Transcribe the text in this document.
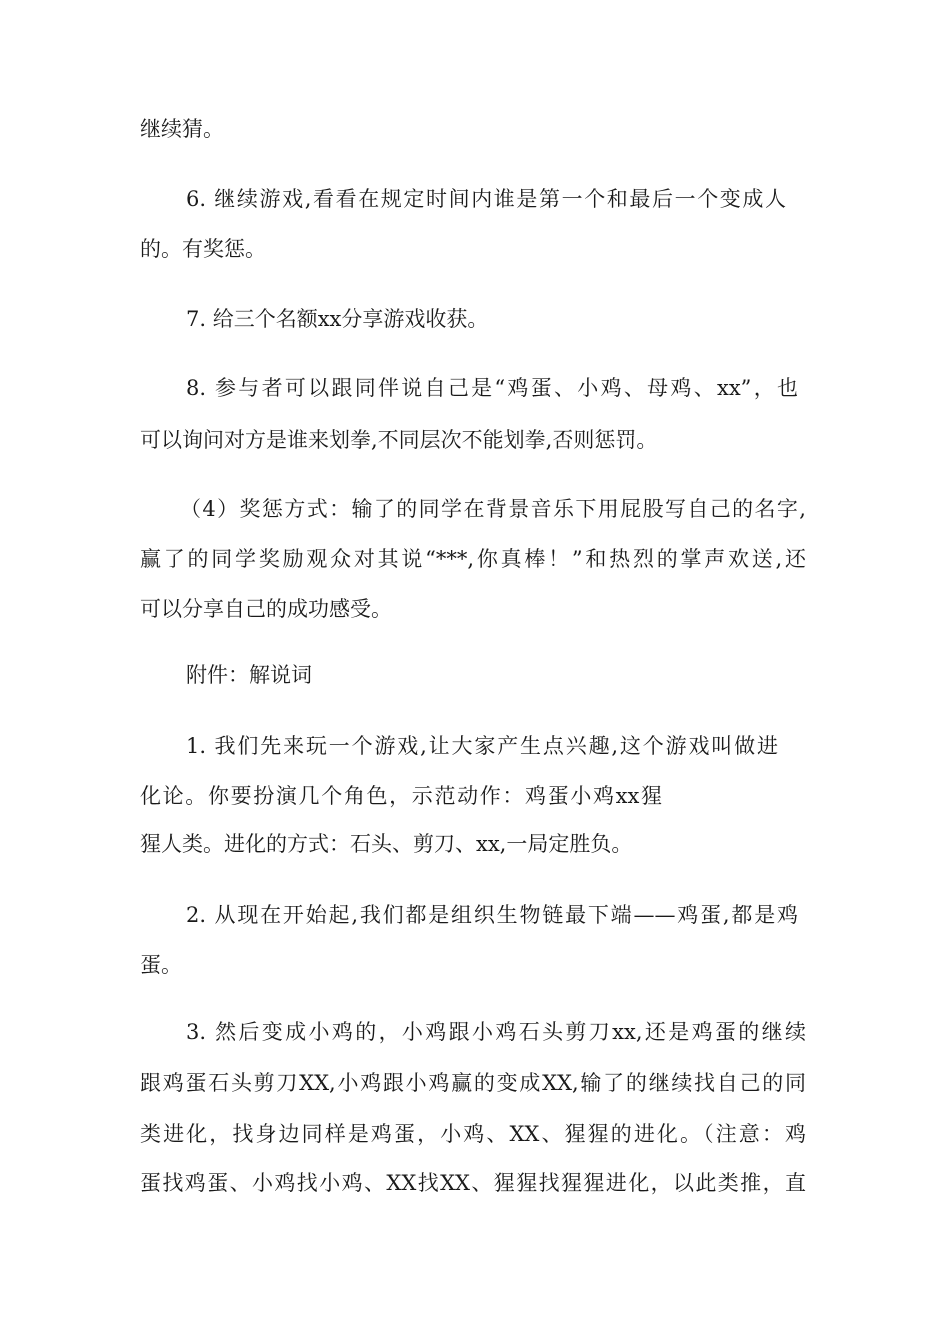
继续猜。
6. 继续游戏,看看在规定时间内谁是第一个和最后一个变成人
的。有奖惩。
7. 给三个名额xx分享游戏收获。
8. 参与者可以跟同伴说自己是“鸡蛋、小鸡、母鸡、xx”，也
可以询问对方是谁来划拳,不同层次不能划拳,否则惩罚。
（4）奖惩方式：输了的同学在背景音乐下用屁股写自己的名字,
赢了的同学奖励观众对其说“***,你真棒！”和热烈的掌声欢送,还
可以分享自己的成功感受。
附件：解说词
1. 我们先来玩一个游戏,让大家产生点兴趣,这个游戏叫做进
化论。你要扮演几个角色，示范动作：鸡蛋小鸡xx猩
猩人类。进化的方式：石头、剪刀、xx,一局定胜负。
2. 从现在开始起,我们都是组织生物链最下端——鸡蛋,都是鸡
蛋。
3. 然后变成小鸡的，小鸡跟小鸡石头剪刀xx,还是鸡蛋的继续
跟鸡蛋石头剪刀XX,小鸡跟小鸡赢的变成XX,输了的继续找自己的同
类进化，找身边同样是鸡蛋，小鸡、XX、猩猩的进化。（注意：鸡
蛋找鸡蛋、小鸡找小鸡、XX找XX、猩猩找猩猩进化，以此类推，直
